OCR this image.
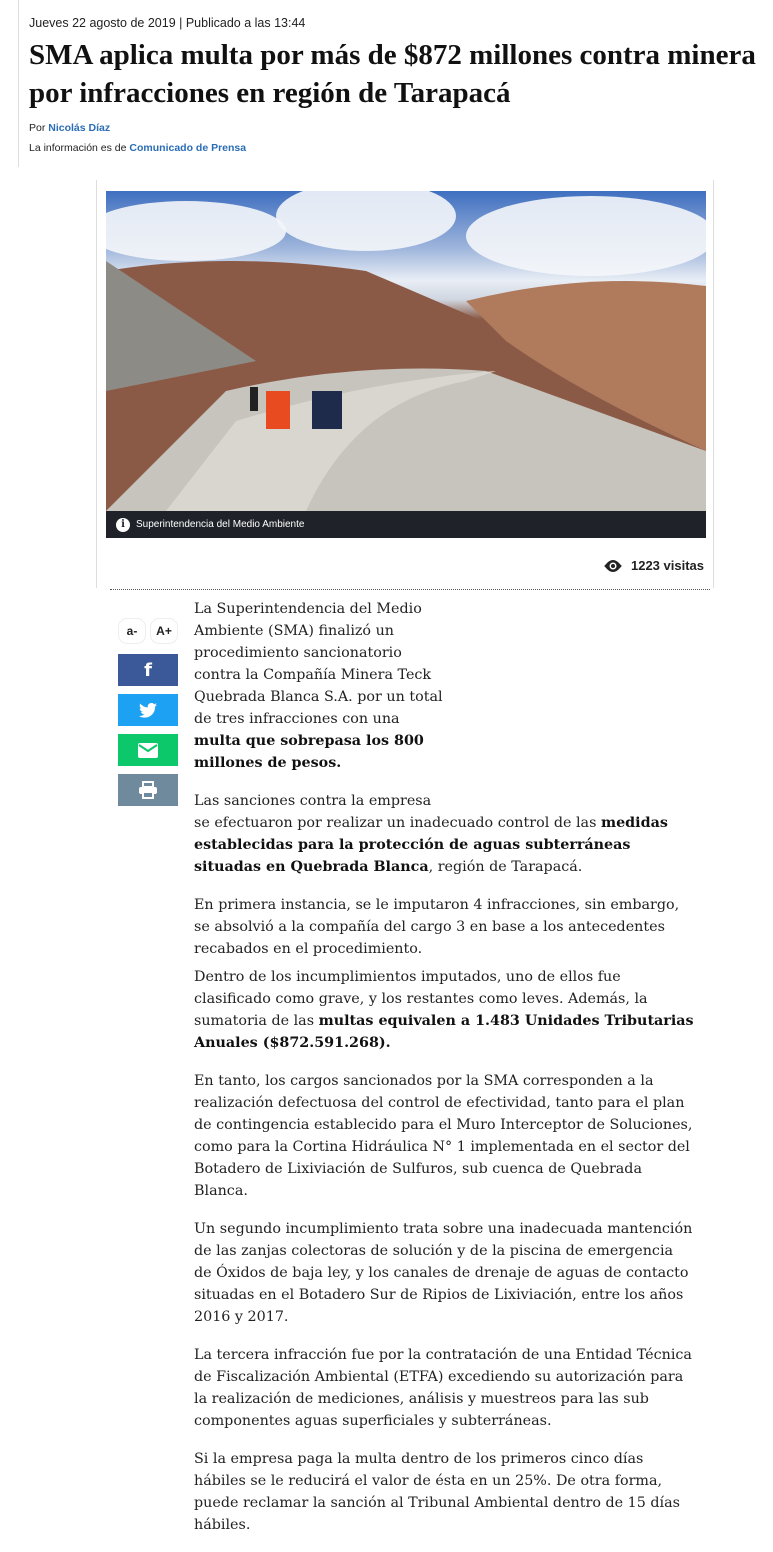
Jueves 22 agosto de 2019 | Publicado a las 13:44
SMA aplica multa por más de $872 millones contra minera por infracciones en región de Tarapacá
Por Nicolás Díaz
La información es de Comunicado de Prensa
i	Superintendencia del Medio Ambiente
1223 visitas
a-	A+
f

La Superintendencia del Medio Ambiente (SMA) finalizó un procedimiento sancionatorio contra la Compañía Minera Teck Quebrada Blanca S.A. por un total de tres infracciones con una multa que sobrepasa los 800 millones de pesos.

Las sanciones contra la empresa se efectuaron por realizar un inadecuado control de las medidas establecidas para la protección de aguas subterráneas situadas en Quebrada Blanca, región de Tarapacá.

En primera instancia, se le imputaron 4 infracciones, sin embargo, se absolvió a la compañía del cargo 3 en base a los antecedentes recabados en el procedimiento.

Dentro de los incumplimientos imputados, uno de ellos fue clasificado como grave, y los restantes como leves. Además, la sumatoria de las multas equivalen a 1.483 Unidades Tributarias Anuales ($872.591.268).

En tanto, los cargos sancionados por la SMA corresponden a la realización defectuosa del control de efectividad, tanto para el plan de contingencia establecido para el Muro Interceptor de Soluciones, como para la Cortina Hidráulica N° 1 implementada en el sector del Botadero de Lixiviación de Sulfuros, sub cuenca de Quebrada Blanca.

Un segundo incumplimiento trata sobre una inadecuada mantención de las zanjas colectoras de solución y de la piscina de emergencia de Óxidos de baja ley, y los canales de drenaje de aguas de contacto situadas en el Botadero Sur de Ripios de Lixiviación, entre los años 2016 y 2017.

La tercera infracción fue por la contratación de una Entidad Técnica de Fiscalización Ambiental (ETFA) excediendo su autorización para la realización de mediciones, análisis y muestreos para las sub componentes aguas superficiales y subterráneas.

Si la empresa paga la multa dentro de los primeros cinco días hábiles se le reducirá el valor de ésta en un 25%. De otra forma, puede reclamar la sanción al Tribunal Ambiental dentro de 15 días hábiles.
